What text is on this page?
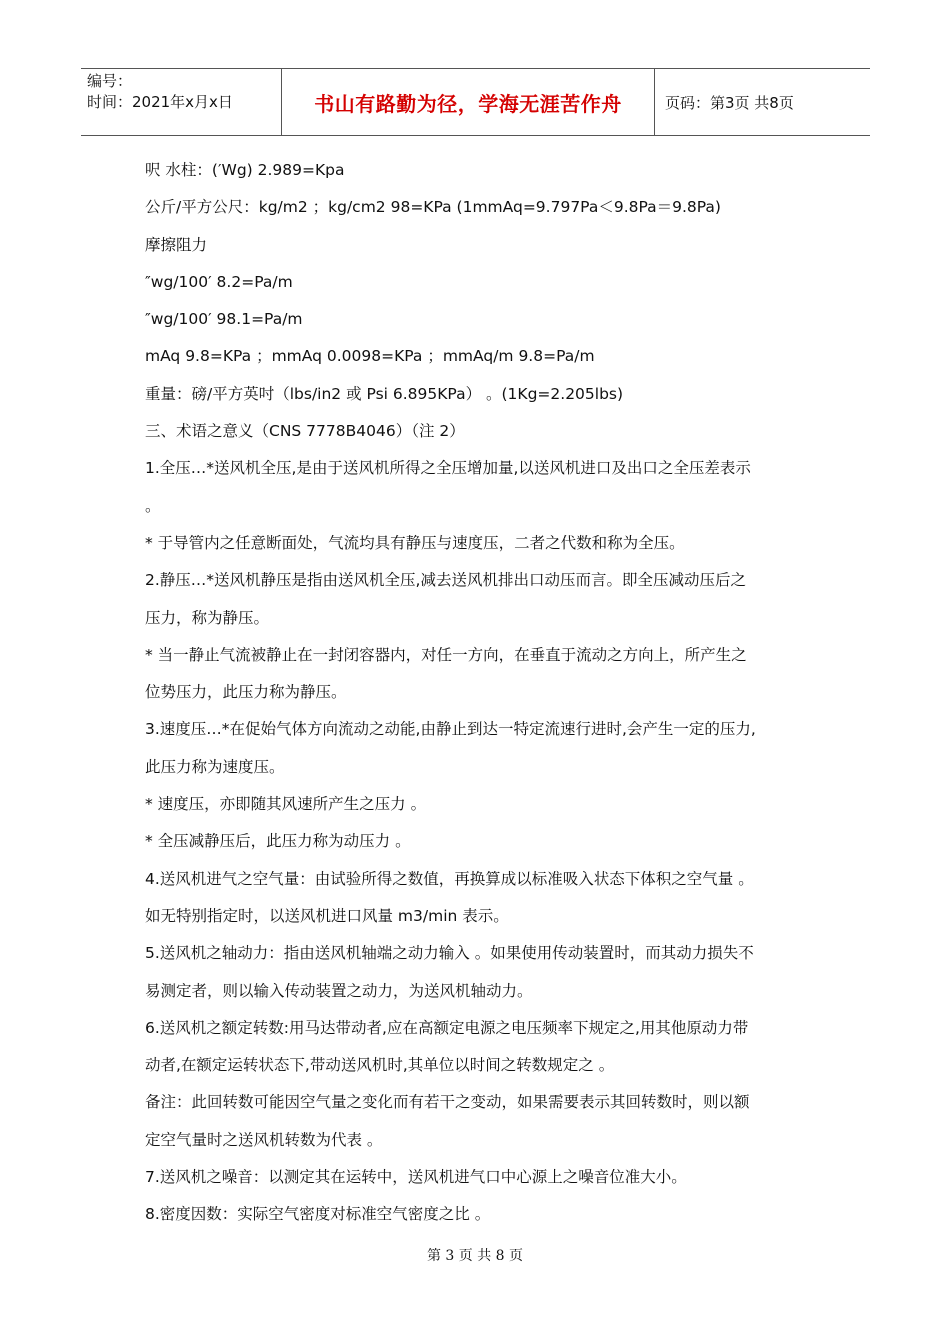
编号：
时间：2021年x月x日	书山有路勤为径，学海无涯苦作舟	页码：第3页 共8页
呎 水柱：(′Wg) 2.989=Kpa
公斤/平方公尺：kg/m2 ；kg/cm2 98=KPa (1mmAq=9.797Pa＜9.8Pa＝9.8Pa)
摩擦阻力
″wg/100′ 8.2=Pa/m
″wg/100′ 98.1=Pa/m
mAq 9.8=KPa ；mmAq 0.0098=KPa ；mmAq/m 9.8=Pa/m
重量：磅/平方英吋（lbs/in2 或 Psi 6.895KPa） 。(1Kg=2.205lbs)
三、术语之意义（CNS 7778B4046）（注 2）
1.全压…*送风机全压,是由于送风机所得之全压增加量,以送风机进口及出口之全压差表示
。
* 于导管内之任意断面处，气流均具有静压与速度压，二者之代数和称为全压。
2.静压…*送风机静压是指由送风机全压,减去送风机排出口动压而言。即全压减动压后之
压力，称为静压。
* 当一静止气流被静止在一封闭容器内，对任一方向，在垂直于流动之方向上，所产生之
位势压力，此压力称为静压。
3.速度压…*在促始气体方向流动之动能,由静止到达一特定流速行进时,会产生一定的压力,
此压力称为速度压。
* 速度压，亦即随其风速所产生之压力 。
* 全压减静压后，此压力称为动压力 。
4.送风机进气之空气量：由试验所得之数值，再换算成以标准吸入状态下体积之空气量 。
如无特别指定时，以送风机进口风量 m3/min 表示。
5.送风机之轴动力：指由送风机轴端之动力输入 。如果使用传动装置时，而其动力损失不
易测定者，则以输入传动装置之动力，为送风机轴动力。
6.送风机之额定转数:用马达带动者,应在高额定电源之电压频率下规定之,用其他原动力带
动者,在额定运转状态下,带动送风机时,其单位以时间之转数规定之 。
备注：此回转数可能因空气量之变化而有若干之变动，如果需要表示其回转数时，则以额
定空气量时之送风机转数为代表 。
7.送风机之噪音：以测定其在运转中，送风机进气口中心源上之噪音位准大小。
8.密度因数：实际空气密度对标准空气密度之比 。
第 3 页 共 8 页
